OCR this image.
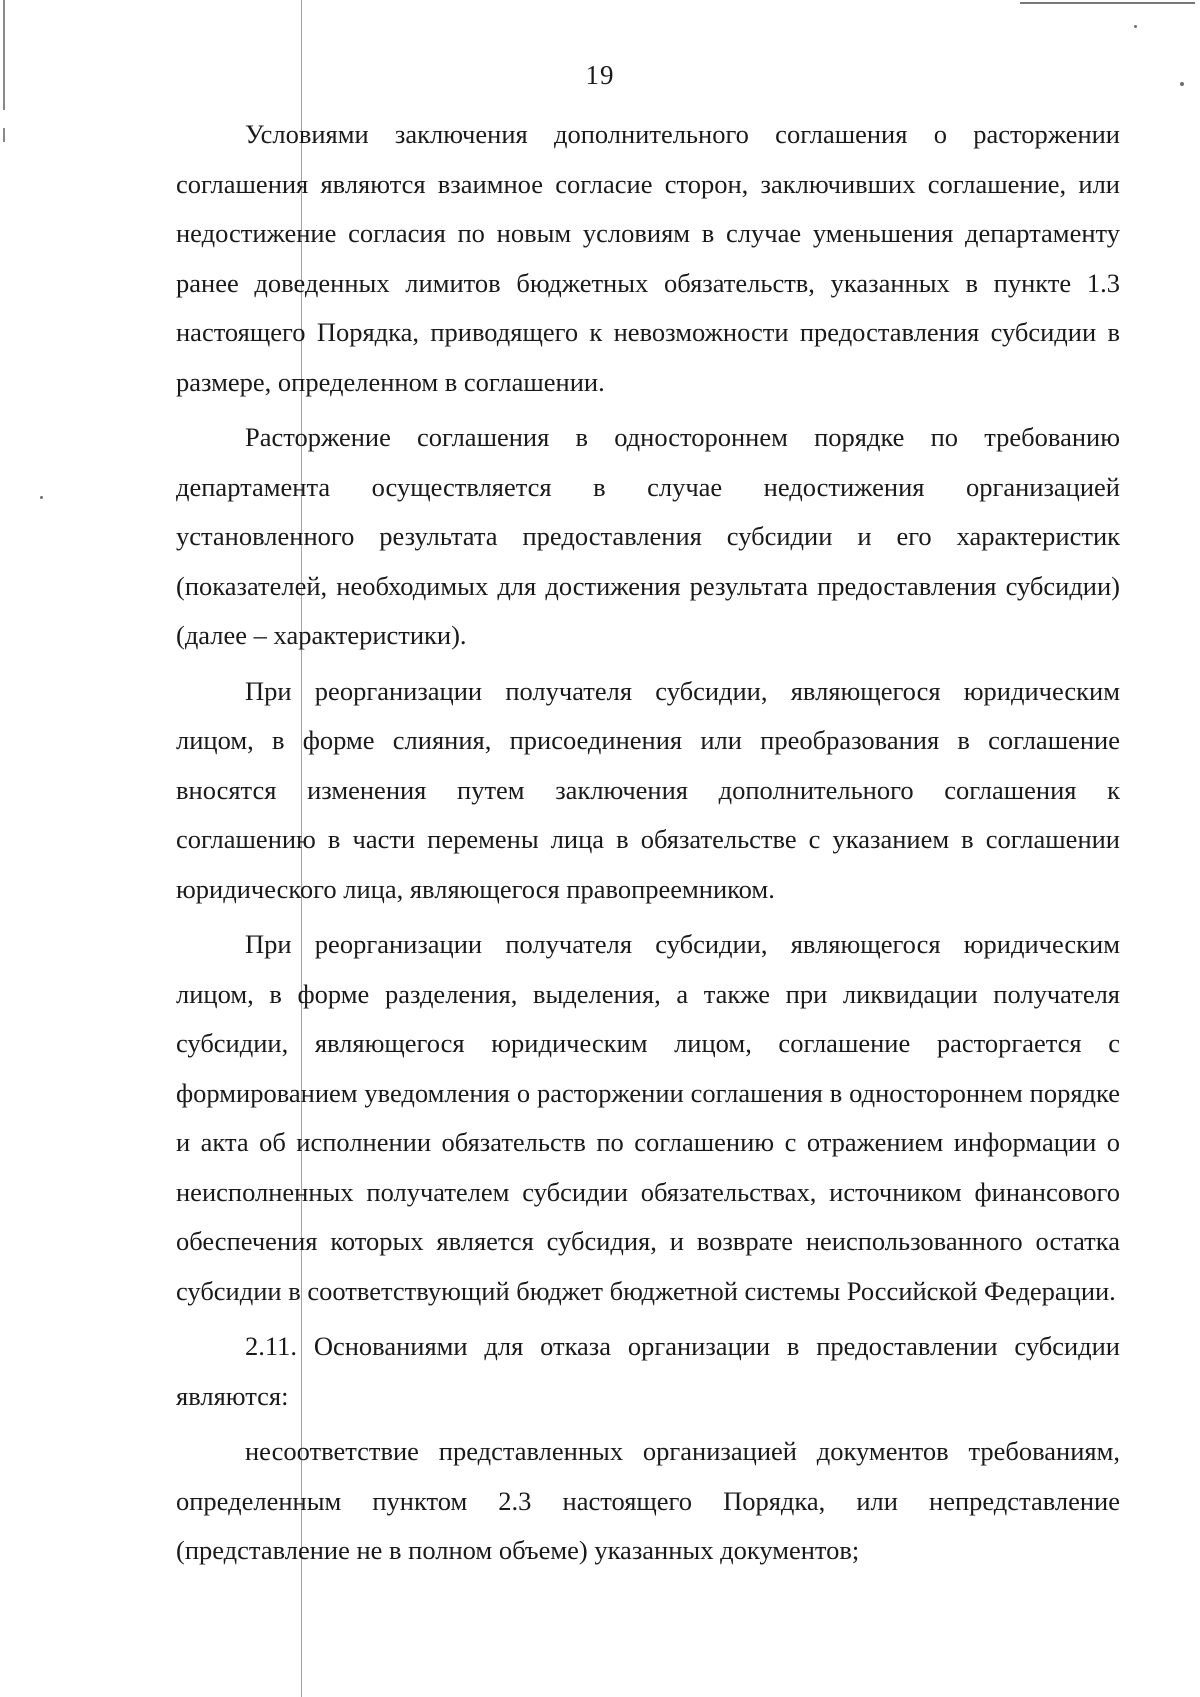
19

Условиями заключения дополнительного соглашения о расторжении соглашения являются взаимное согласие сторон, заключивших соглашение, или недостижение согласия по новым условиям в случае уменьшения департаменту ранее доведенных лимитов бюджетных обязательств, указанных в пункте 1.3 настоящего Порядка, приводящего к невозможности предоставления субсидии в размере, определенном в соглашении.

Расторжение соглашения в одностороннем порядке по требованию департамента осуществляется в случае недостижения организацией установленного результата предоставления субсидии и его характеристик (показателей, необходимых для достижения результата предоставления субсидии) (далее – характеристики).

При реорганизации получателя субсидии, являющегося юридическим лицом, в форме слияния, присоединения или преобразования в соглашение вносятся изменения путем заключения дополнительного соглашения к соглашению в части перемены лица в обязательстве с указанием в соглашении юридического лица, являющегося правопреемником.

При реорганизации получателя субсидии, являющегося юридическим лицом, в форме разделения, выделения, а также при ликвидации получателя субсидии, являющегося юридическим лицом, соглашение расторгается с формированием уведомления о расторжении соглашения в одностороннем порядке и акта об исполнении обязательств по соглашению с отражением информации о неисполненных получателем субсидии обязательствах, источником финансового обеспечения которых является субсидия, и возврате неиспользованного остатка субсидии в соответствующий бюджет бюджетной системы Российской Федерации.

2.11. Основаниями для отказа организации в предоставлении субсидии являются:

несоответствие представленных организацией документов требованиям, определенным пунктом 2.3 настоящего Порядка, или непредставление (представление не в полном объеме) указанных документов;
